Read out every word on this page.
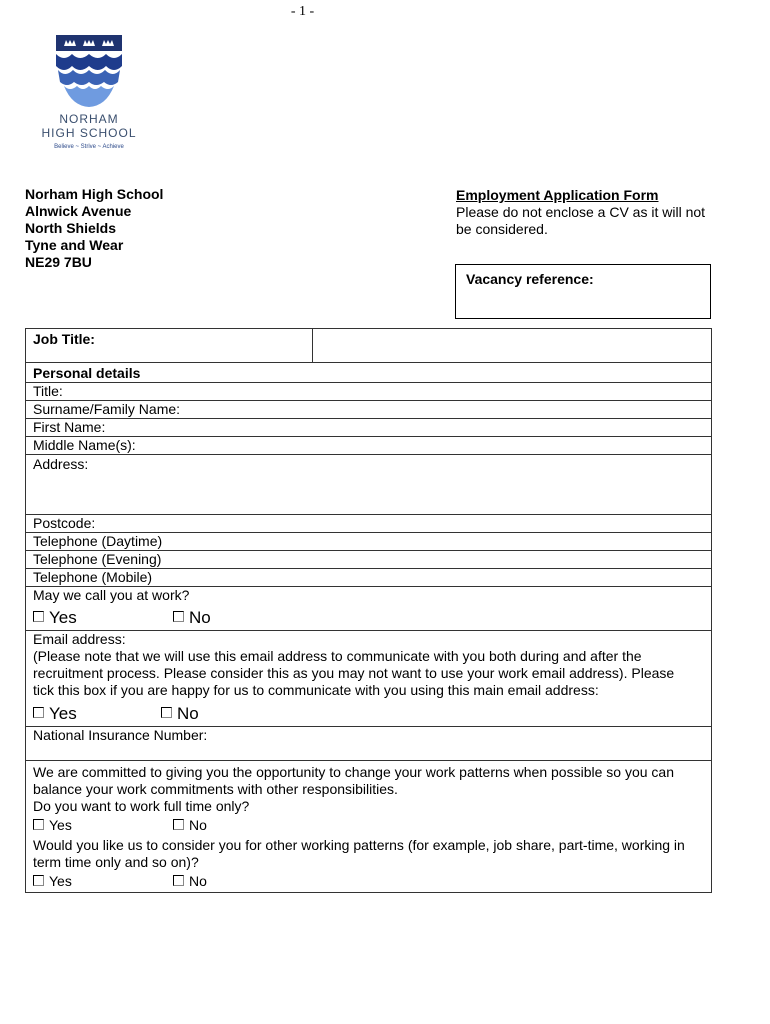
- 1 -
NORHAM
HIGH SCHOOL
Believe ~ Strive ~ Achieve
Norham High School
Alnwick Avenue
North Shields
Tyne and Wear
NE29 7BU
Employment Application Form
Please do not enclose a CV as it will not be considered.
Vacancy reference:
Job Title:	
Personal details
Title:
Surname/Family Name:
First Name:
Middle Name(s):
Address:
Postcode:
Telephone (Daytime)
Telephone (Evening)
Telephone (Mobile)

May we call you at work?
Yes	No

Email address:
(Please note that we will use this email address to communicate with you both during and after the recruitment process. Please consider this as you may not want to use your work email address). Please tick this box if you are happy for us to communicate with you using this main email address:
Yes	No

National Insurance Number:

We are committed to giving you the opportunity to change your work patterns when possible so you can balance your work commitments with other responsibilities.
Do you want to work full time only?
Yes	No
Would you like us to consider you for other working patterns (for example, job share, part-time, working in term time only and so on)?
Yes	No
